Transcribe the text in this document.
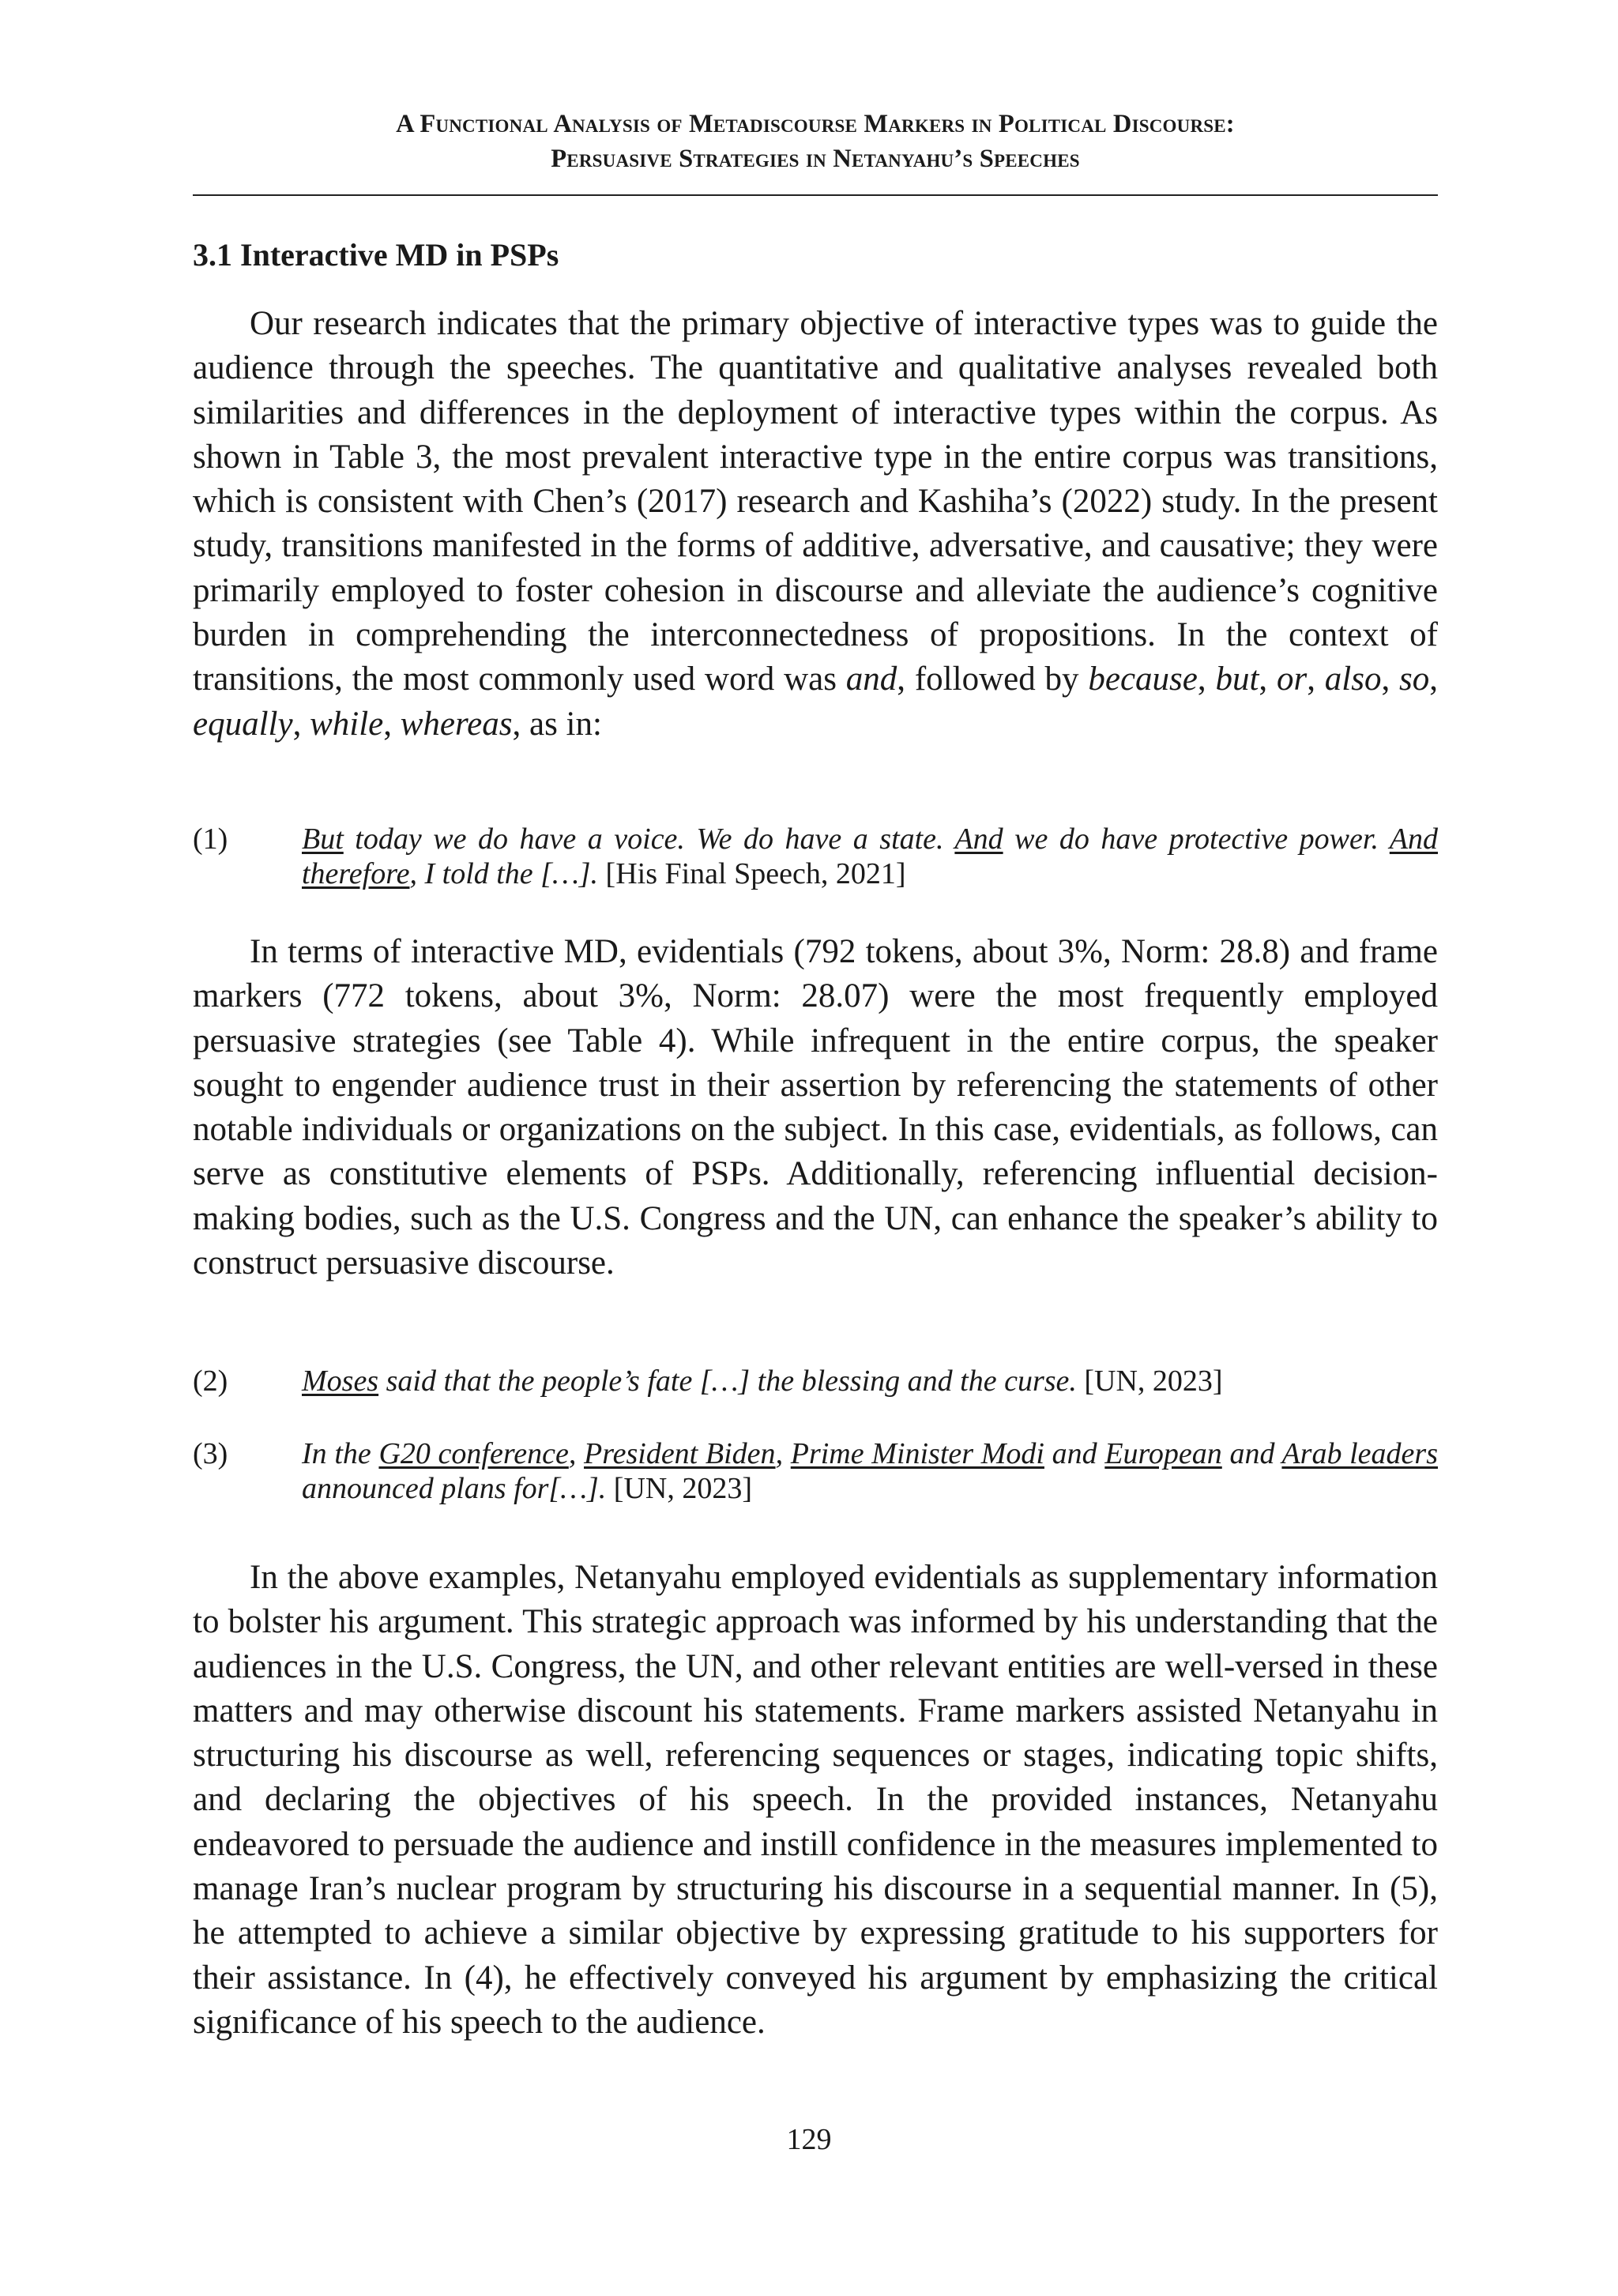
A Functional Analysis of Metadiscourse Markers in Political Discourse:
Persuasive Strategies in Netanyahu’s Speeches
3.1 Interactive MD in PSPs

Our research indicates that the primary objective of interactive types was to guide the audience through the speeches. The quantitative and qualitative analyses revealed both similarities and differences in the deployment of interactive types within the corpus. As shown in Table 3, the most prevalent interactive type in the entire corpus was transitions, which is consistent with Chen’s (2017) research and Kashiha’s (2022) study. In the present study, transitions manifested in the forms of additive, adversative, and causative; they were primarily employed to foster cohesion in discourse and alleviate the audience’s cognitive burden in comprehending the interconnectedness of propositions. In the context of transitions, the most commonly used word was and, followed by because, but, or, also, so, equally, while, whereas, as in:

(1) But today we do have a voice. We do have a state. And we do have protective power. And therefore, I told the […]. [His Final Speech, 2021]

In terms of interactive MD, evidentials (792 tokens, about 3%, Norm: 28.8) and frame markers (772 tokens, about 3%, Norm: 28.07) were the most frequently employed persuasive strategies (see Table 4). While infrequent in the entire corpus, the speaker sought to engender audience trust in their assertion by referencing the statements of other notable individuals or organizations on the subject. In this case, evidentials, as follows, can serve as constitutive elements of PSPs. Additionally, referencing influential decision-making bodies, such as the U.S. Congress and the UN, can enhance the speaker’s ability to construct persuasive discourse.

(2) Moses said that the people’s fate […] the blessing and the curse. [UN, 2023]
(3) In the G20 conference, President Biden, Prime Minister Modi and European and Arab leaders announced plans for[…]. [UN, 2023]

In the above examples, Netanyahu employed evidentials as supplementary information to bolster his argument. This strategic approach was informed by his understanding that the audiences in the U.S. Congress, the UN, and other relevant entities are well-versed in these matters and may otherwise discount his statements. Frame markers assisted Netanyahu in structuring his discourse as well, referencing sequences or stages, indicating topic shifts, and declaring the objectives of his speech. In the provided instances, Netanyahu endeavored to persuade the audience and instill confidence in the measures implemented to manage Iran’s nuclear program by structuring his discourse in a sequential manner. In (5), he attempted to achieve a similar objective by expressing gratitude to his supporters for their assistance. In (4), he effectively conveyed his argument by emphasizing the critical significance of his speech to the audience.

129
